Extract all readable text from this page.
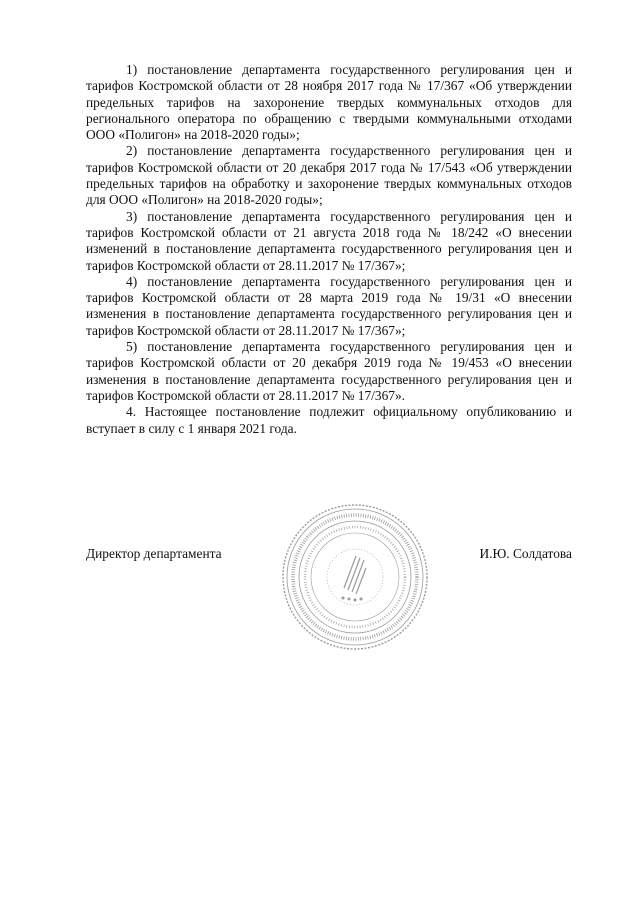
1) постановление департамента государственного регулирования цен и тарифов Костромской области от 28 ноября 2017 года № 17/367 «Об утверждении предельных тарифов на захоронение твердых коммунальных отходов для регионального оператора по обращению с твердыми коммунальными отходами ООО «Полигон» на 2018-2020 годы»;

2) постановление департамента государственного регулирования цен и тарифов Костромской области от 20 декабря 2017 года № 17/543 «Об утверждении предельных тарифов на обработку и захоронение твердых коммунальных отходов для ООО «Полигон» на 2018-2020 годы»;

3) постановление департамента государственного регулирования цен и тарифов Костромской области от 21 августа 2018 года № 18/242 «О внесении изменений в постановление департамента государственного регулирования цен и тарифов Костромской области от 28.11.2017 № 17/367»;

4) постановление департамента государственного регулирования цен и тарифов Костромской области от 28 марта 2019 года № 19/31 «О внесении изменения в постановление департамента государственного регулирования цен и тарифов Костромской области от 28.11.2017 № 17/367»;

5) постановление департамента государственного регулирования цен и тарифов Костромской области от 20 декабря 2019 года № 19/453 «О внесении изменения в постановление департамента государственного регулирования цен и тарифов Костромской области от 28.11.2017 № 17/367».

4. Настоящее постановление подлежит официальному опубликованию и вступает в силу с 1 января 2021 года.

Директор департамента	И.Ю. Солдатова
